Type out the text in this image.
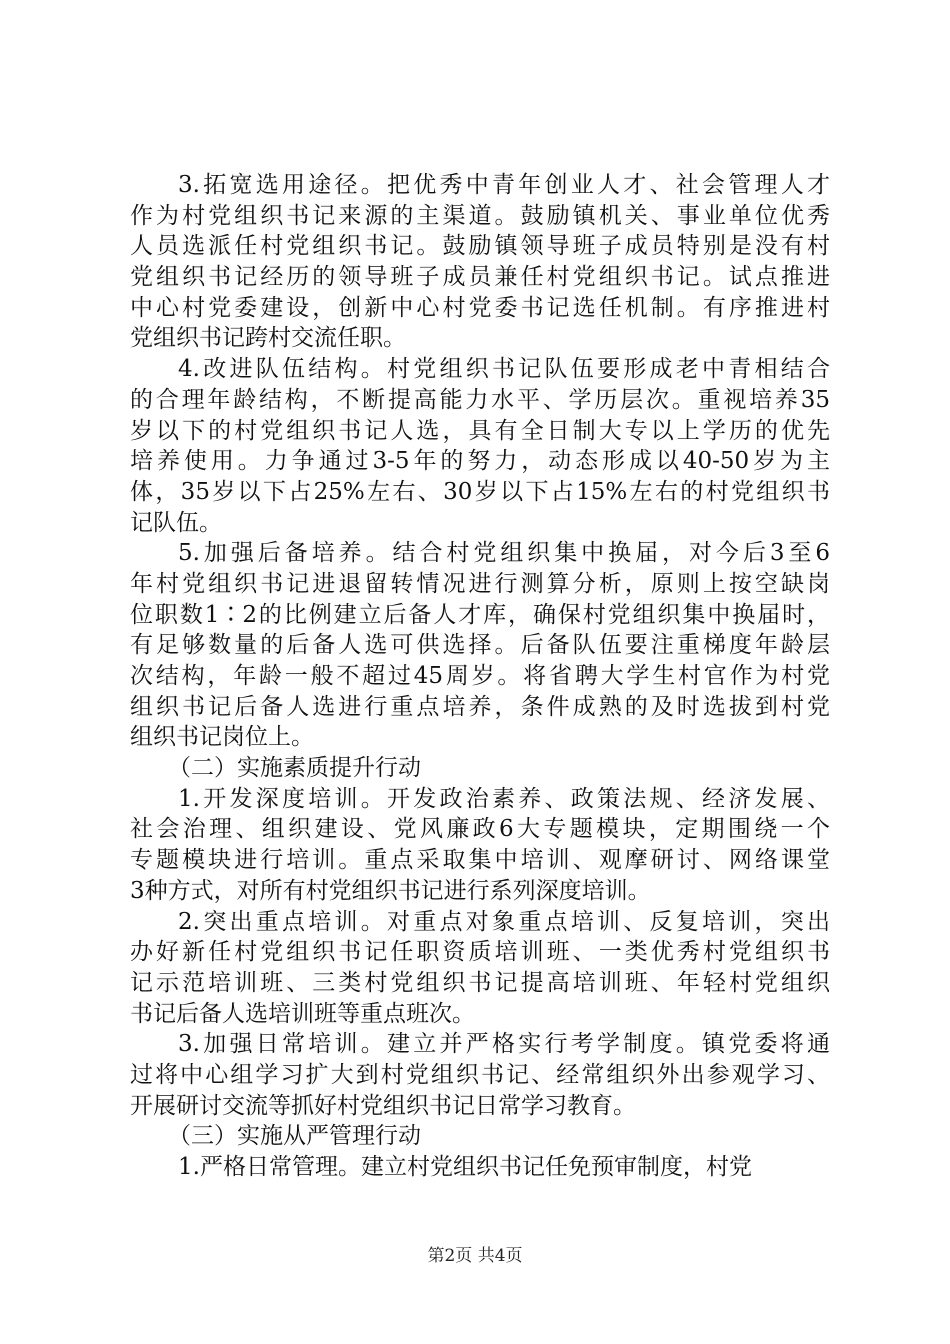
3.拓宽选用途径。把优秀中青年创业人才、社会管理人才
作为村党组织书记来源的主渠道。鼓励镇机关、事业单位优秀
人员选派任村党组织书记。鼓励镇领导班子成员特别是没有村
党组织书记经历的领导班子成员兼任村党组织书记。试点推进
中心村党委建设，创新中心村党委书记选任机制。有序推进村
党组织书记跨村交流任职。
4.改进队伍结构。村党组织书记队伍要形成老中青相结合
的合理年龄结构，不断提高能力水平、学历层次。重视培养35
岁以下的村党组织书记人选，具有全日制大专以上学历的优先
培养使用。力争通过3-5年的努力，动态形成以40-50岁为主
体，35岁以下占25%左右、30岁以下占15%左右的村党组织书
记队伍。
5.加强后备培养。结合村党组织集中换届，对今后3至6
年村党组织书记进退留转情况进行测算分析，原则上按空缺岗
位职数1∶2的比例建立后备人才库，确保村党组织集中换届时，
有足够数量的后备人选可供选择。后备队伍要注重梯度年龄层
次结构，年龄一般不超过45周岁。将省聘大学生村官作为村党
组织书记后备人选进行重点培养，条件成熟的及时选拔到村党
组织书记岗位上。
（二）实施素质提升行动
1.开发深度培训。开发政治素养、政策法规、经济发展、
社会治理、组织建设、党风廉政6大专题模块，定期围绕一个
专题模块进行培训。重点采取集中培训、观摩研讨、网络课堂
3种方式，对所有村党组织书记进行系列深度培训。
2.突出重点培训。对重点对象重点培训、反复培训，突出
办好新任村党组织书记任职资质培训班、一类优秀村党组织书
记示范培训班、三类村党组织书记提高培训班、年轻村党组织
书记后备人选培训班等重点班次。
3.加强日常培训。建立并严格实行考学制度。镇党委将通
过将中心组学习扩大到村党组织书记、经常组织外出参观学习、
开展研讨交流等抓好村党组织书记日常学习教育。
（三）实施从严管理行动
1.严格日常管理。建立村党组织书记任免预审制度，村党
第2页 共4页
